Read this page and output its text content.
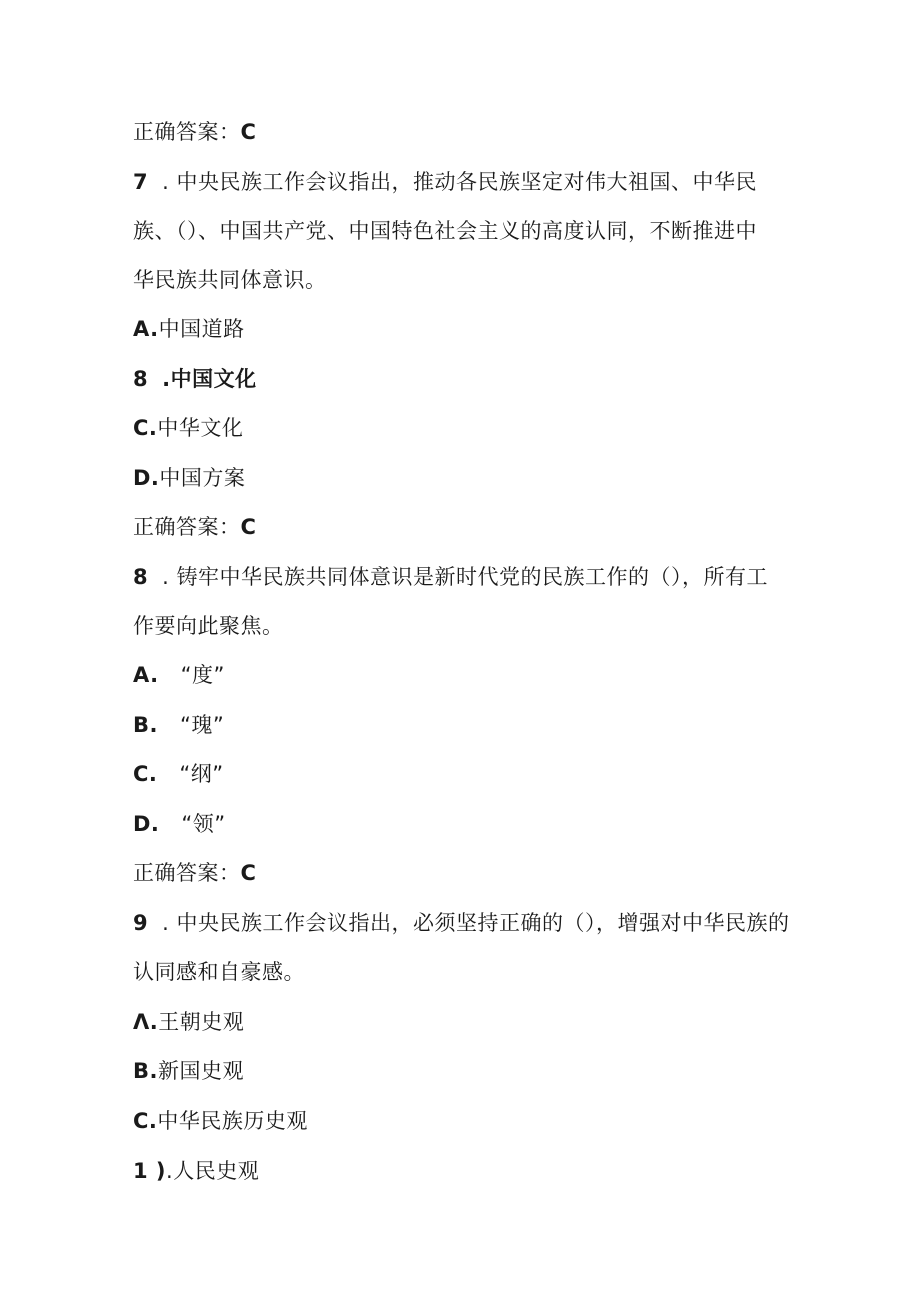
正确答案：C
7 . 中央民族工作会议指出，推动各民族坚定对伟大祖国、中华民
族、（）、中国共产党、中国特色社会主义的高度认同，不断推进中
华民族共同体意识。
A.中国道路
8 .中国文化
C.中华文化
D.中国方案
正确答案：C
8 . 铸牢中华民族共同体意识是新时代党的民族工作的（），所有工
作要向此聚焦。
A. “度”
B. “瑰”
C. “纲”
D. “领”
正确答案：C
9 . 中央民族工作会议指出，必须坚持正确的（），增强对中华民族的
认同感和自豪感。
Λ.王朝史观
B.新国史观
C.中华民族历史观
1 ).人民史观
